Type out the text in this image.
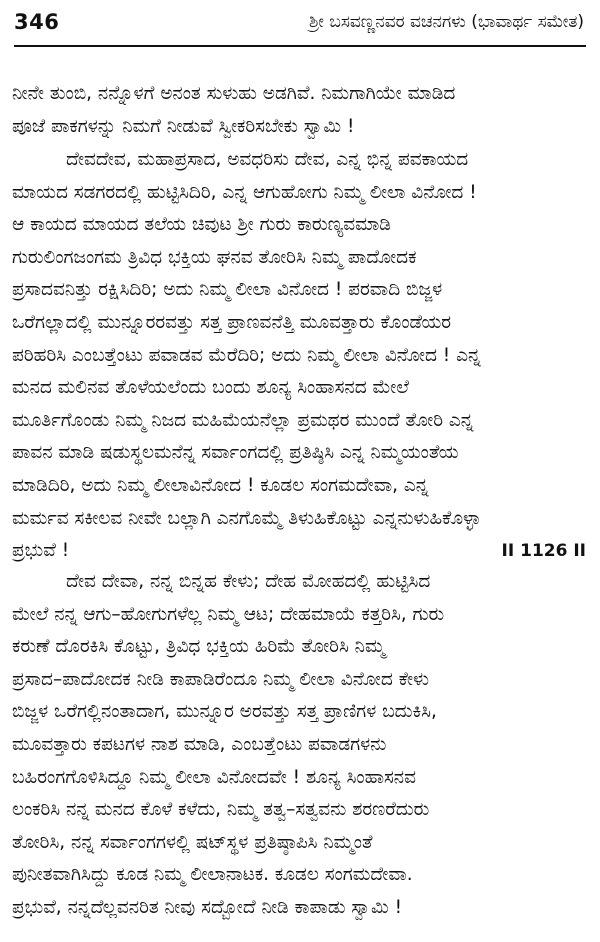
346	ಶ್ರೀ ಬಸವಣ್ಣನವರ ವಚನಗಳು (ಭಾವಾರ್ಥ ಸಮೇತ)
ನೀನೇ ತುಂಬಿ, ನನ್ನೊಳಗೆ ಅನಂತ ಸುಳುಹು ಅಡಗಿವೆ. ನಿಮಗಾಗಿಯೇ ಮಾಡಿದ
ಪೂಜೆ ಪಾಕಗಳನ್ನು ನಿಮಗೆ ನೀಡುವೆ ಸ್ವೀಕರಿಸಬೇಕು ಸ್ವಾಮಿ !
ದೇವದೇವ, ಮಹಾಪ್ರಸಾದ, ಅವಧರಿಸು ದೇವ, ಎನ್ನ ಭಿನ್ನ ಪವಕಾಯದ
ಮಾಯದ ಸಡಗರದಲ್ಲಿ ಹುಟ್ಟಿಸಿದಿರಿ, ಎನ್ನ ಆಗುಹೋಗು ನಿಮ್ಮ ಲೀಲಾ ವಿನೋದ !
ಆ ಕಾಯದ ಮಾಯದ ತಲೆಯ ಚಿವುಟ ಶ್ರೀ ಗುರು ಕಾರುಣ್ಯವಮಾಡಿ
ಗುರುಲಿಂಗಜಂಗಮ ತ್ರಿವಿಧ ಭಕ್ತಿಯ ಘನವ ತೋರಿಸಿ ನಿಮ್ಮ ಪಾದೋದಕ
ಪ್ರಸಾದವನಿತ್ತು ರಕ್ಷಿಸಿದಿರಿ; ಅದು ನಿಮ್ಮ ಲೀಲಾ ವಿನೋದ ! ಪರವಾದಿ ಬಿಜ್ಜಳ
ಒರೆಗಲ್ಲಾದಲ್ಲಿ ಮುನ್ನೂರರವತ್ತು ಸತ್ತ ಪ್ರಾಣವನೆತ್ತಿ ಮೂವತ್ತಾರು ಕೊಂಡೆಯರ
ಪರಿಹರಿಸಿ ಎಂಬತ್ತೆಂಟು ಪವಾಡವ ಮೆರೆದಿರಿ; ಅದು ನಿಮ್ಮ ಲೀಲಾ ವಿನೋದ ! ಎನ್ನ
ಮನದ ಮಲಿನವ ತೊಳೆಯಲೆಂದು ಬಂದು ಶೂನ್ಯ ಸಿಂಹಾಸನದ ಮೇಲೆ
ಮೂರ್ತಿಗೊಂಡು ನಿಮ್ಮ ನಿಜದ ಮಹಿಮೆಯನೆಲ್ಲಾ ಪ್ರಮಥರ ಮುಂದೆ ತೋರಿ ಎನ್ನ
ಪಾವನ ಮಾಡಿ ಷಡುಸ್ಥಲಮನೆನ್ನ ಸರ್ವಾಂಗದಲ್ಲಿ ಪ್ರತಿಷ್ಠಿಸಿ ಎನ್ನ ನಿಮ್ಮಯಂತೆಯ
ಮಾಡಿದಿರಿ, ಅದು ನಿಮ್ಮ ಲೀಲಾವಿನೋದ ! ಕೂಡಲ ಸಂಗಮದೇವಾ, ಎನ್ನ
ಮರ್ಮವ ಸಕೀಲವ ನೀವೇ ಬಲ್ಲಾಗಿ ಎನಗೊಮ್ಮೆ ತಿಳುಹಿಕೊಟ್ಟು ಎನ್ನನುಳುಹಿಕೊಳ್ಳಾ
ಪ್ರಭುವೆ !	II 1126 II
ದೇವ ದೇವಾ, ನನ್ನ ಬಿನ್ನಹ ಕೇಳು; ದೇಹ ಮೋಹದಲ್ಲಿ ಹುಟ್ಟಿಸಿದ
ಮೇಲೆ ನನ್ನ ಆಗು–ಹೋಗುಗಳೆಲ್ಲ ನಿಮ್ಮ ಆಟ; ದೇಹಮಾಯೆ ಕತ್ತರಿಸಿ, ಗುರು
ಕರುಣೆ ದೊರಕಿಸಿ ಕೊಟ್ಟು, ತ್ರಿವಿಧ ಭಕ್ತಿಯ ಹಿರಿಮೆ ತೋರಿಸಿ ನಿಮ್ಮ
ಪ್ರಸಾದ–ಪಾದೋದಕ ನೀಡಿ ಕಾಪಾಡಿರೆಂದೂ ನಿಮ್ಮ ಲೀಲಾ ವಿನೋದ ಕೇಳು
ಬಿಜ್ಜಳ ಒರೆಗಲ್ಲಿನಂತಾದಾಗ, ಮುನ್ನೂರ ಅರವತ್ತು ಸತ್ತ ಪ್ರಾಣಿಗಳ ಬದುಕಿಸಿ,
ಮೂವತ್ತಾರು ಕಪಟಗಳ ನಾಶ ಮಾಡಿ, ಎಂಬತ್ತೆಂಟು ಪವಾಡಗಳನು
ಬಹಿರಂಗಗೊಳಿಸಿದ್ದೂ ನಿಮ್ಮ ಲೀಲಾ ವಿನೋದವೇ ! ಶೂನ್ಯ ಸಿಂಹಾಸನವ
ಲಂಕರಿಸಿ ನನ್ನ ಮನದ ಕೊಳೆ ಕಳೆದು, ನಿಮ್ಮ ತತ್ವ–ಸತ್ವವನು ಶರಣರೆದುರು
ತೋರಿಸಿ, ನನ್ನ ಸರ್ವಾಂಗಗಳಲ್ಲಿ ಷಟ್‌ಸ್ಥಳ ಪ್ರತಿಷ್ಠಾಪಿಸಿ ನಿಮ್ಮಂತೆ
ಪುನೀತವಾಗಿಸಿದ್ದು ಕೂಡ ನಿಮ್ಮ ಲೀಲಾನಾಟಕ. ಕೂಡಲ ಸಂಗಮದೇವಾ.
ಪ್ರಭುವೆ, ನನ್ನದೆಲ್ಲವನರಿತ ನೀವು ಸದ್ಬೋದೆ ನೀಡಿ ಕಾಪಾಡು ಸ್ವಾಮಿ !
